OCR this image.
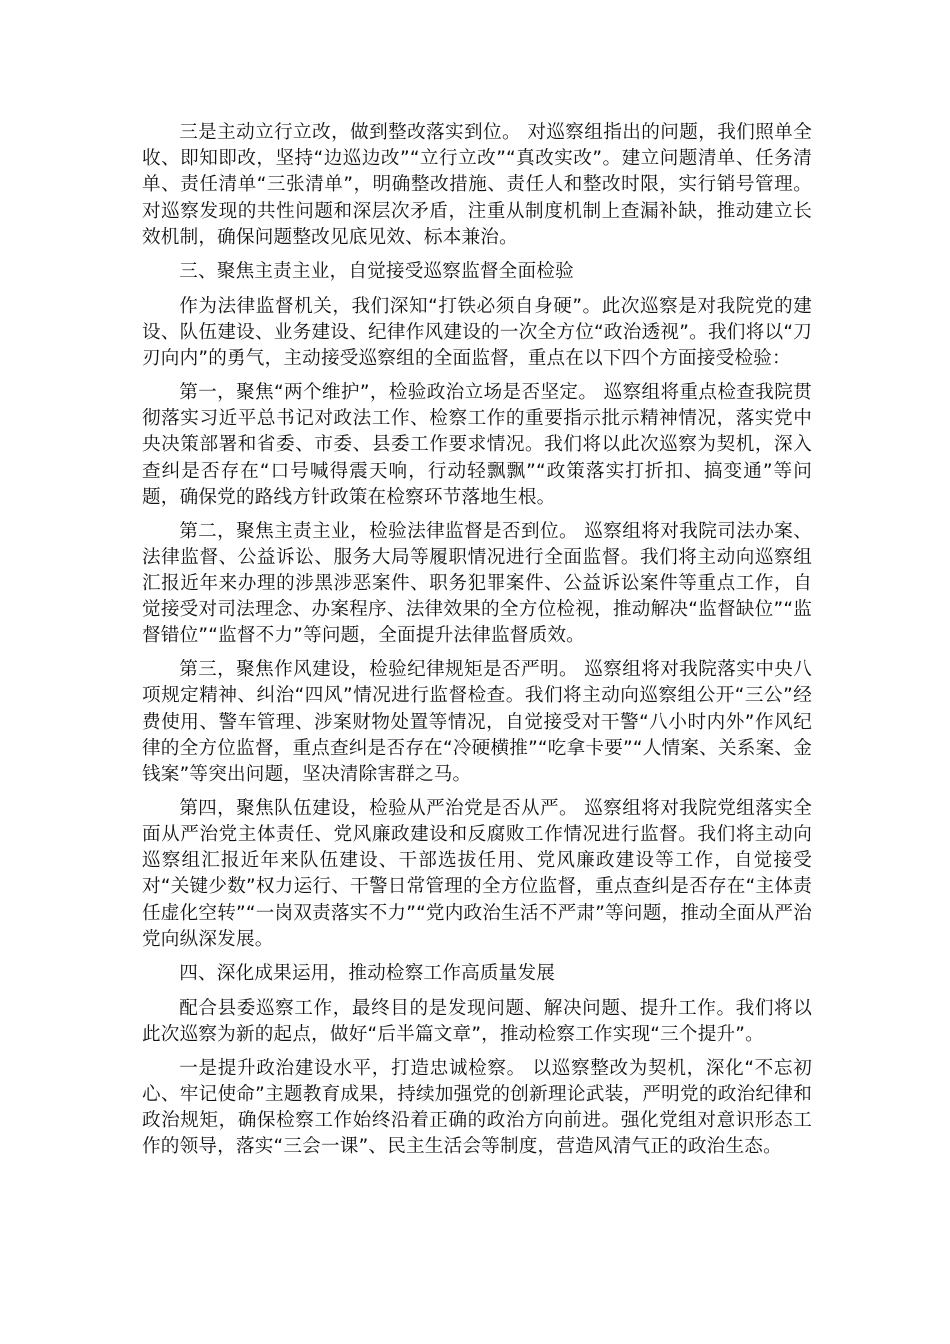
三是主动立行立改，做到整改落实到位。 对巡察组指出的问题，我们照单全收、即知即改，坚持“边巡边改”“立行立改”“真改实改”。建立问题清单、任务清单、责任清单“三张清单”，明确整改措施、责任人和整改时限，实行销号管理。对巡察发现的共性问题和深层次矛盾，注重从制度机制上查漏补缺，推动建立长效机制，确保问题整改见底见效、标本兼治。

三、聚焦主责主业，自觉接受巡察监督全面检验

作为法律监督机关，我们深知“打铁必须自身硬”。此次巡察是对我院党的建设、队伍建设、业务建设、纪律作风建设的一次全方位“政治透视”。我们将以“刀刃向内”的勇气，主动接受巡察组的全面监督，重点在以下四个方面接受检验：

第一，聚焦“两个维护”，检验政治立场是否坚定。 巡察组将重点检查我院贯彻落实习近平总书记对政法工作、检察工作的重要指示批示精神情况，落实党中央决策部署和省委、市委、县委工作要求情况。我们将以此次巡察为契机，深入查纠是否存在“口号喊得震天响，行动轻飘飘”“政策落实打折扣、搞变通”等问题，确保党的路线方针政策在检察环节落地生根。

第二，聚焦主责主业，检验法律监督是否到位。 巡察组将对我院司法办案、法律监督、公益诉讼、服务大局等履职情况进行全面监督。我们将主动向巡察组汇报近年来办理的涉黑涉恶案件、职务犯罪案件、公益诉讼案件等重点工作，自觉接受对司法理念、办案程序、法律效果的全方位检视，推动解决“监督缺位”“监督错位”“监督不力”等问题，全面提升法律监督质效。

第三，聚焦作风建设，检验纪律规矩是否严明。 巡察组将对我院落实中央八项规定精神、纠治“四风”情况进行监督检查。我们将主动向巡察组公开“三公”经费使用、警车管理、涉案财物处置等情况，自觉接受对干警“八小时内外”作风纪律的全方位监督，重点查纠是否存在“冷硬横推”“吃拿卡要”“人情案、关系案、金钱案”等突出问题，坚决清除害群之马。

第四，聚焦队伍建设，检验从严治党是否从严。 巡察组将对我院党组落实全面从严治党主体责任、党风廉政建设和反腐败工作情况进行监督。我们将主动向巡察组汇报近年来队伍建设、干部选拔任用、党风廉政建设等工作，自觉接受对“关键少数”权力运行、干警日常管理的全方位监督，重点查纠是否存在“主体责任虚化空转”“一岗双责落实不力”“党内政治生活不严肃”等问题，推动全面从严治党向纵深发展。

四、深化成果运用，推动检察工作高质量发展

配合县委巡察工作，最终目的是发现问题、解决问题、提升工作。我们将以此次巡察为新的起点，做好“后半篇文章”，推动检察工作实现“三个提升”。

一是提升政治建设水平，打造忠诚检察。 以巡察整改为契机，深化“不忘初心、牢记使命”主题教育成果，持续加强党的创新理论武装，严明党的政治纪律和政治规矩，确保检察工作始终沿着正确的政治方向前进。强化党组对意识形态工作的领导，落实“三会一课”、民主生活会等制度，营造风清气正的政治生态。
